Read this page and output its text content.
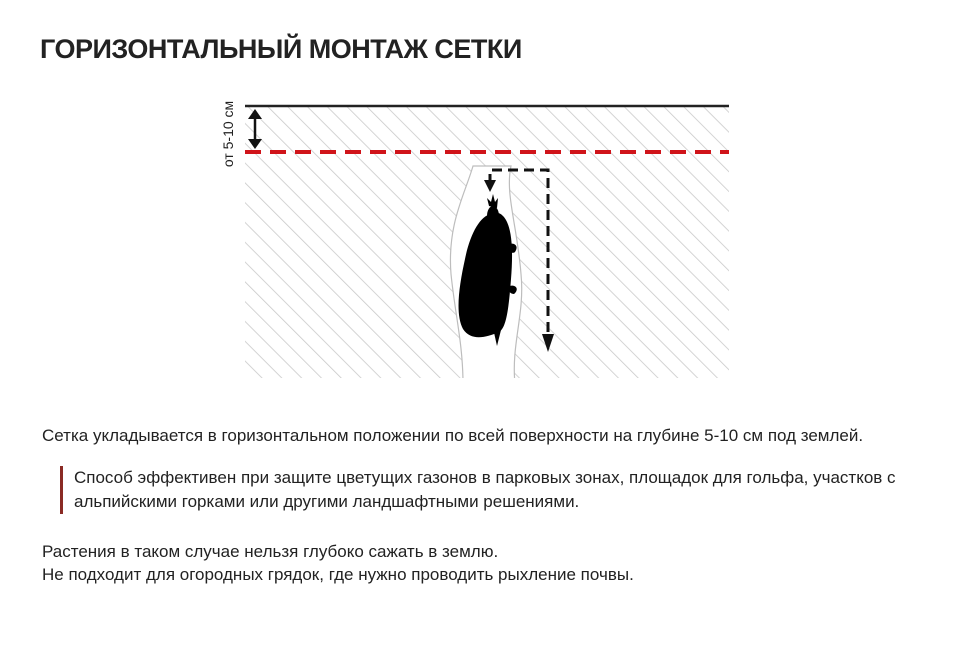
ГОРИЗОНТАЛЬНЫЙ МОНТАЖ СЕТКИ
от 5-10 см
Сетка укладывается в горизонтальном положении по всей поверхности на глубине 5-10 см под землей.
Способ эффективен при защите цветущих газонов в парковых зонах, площадок для гольфа, участков с
альпийскими горками или другими ландшафтными решениями.
Растения в таком случае нельзя глубоко сажать в землю.
Не подходит для огородных грядок, где нужно проводить рыхление почвы.
